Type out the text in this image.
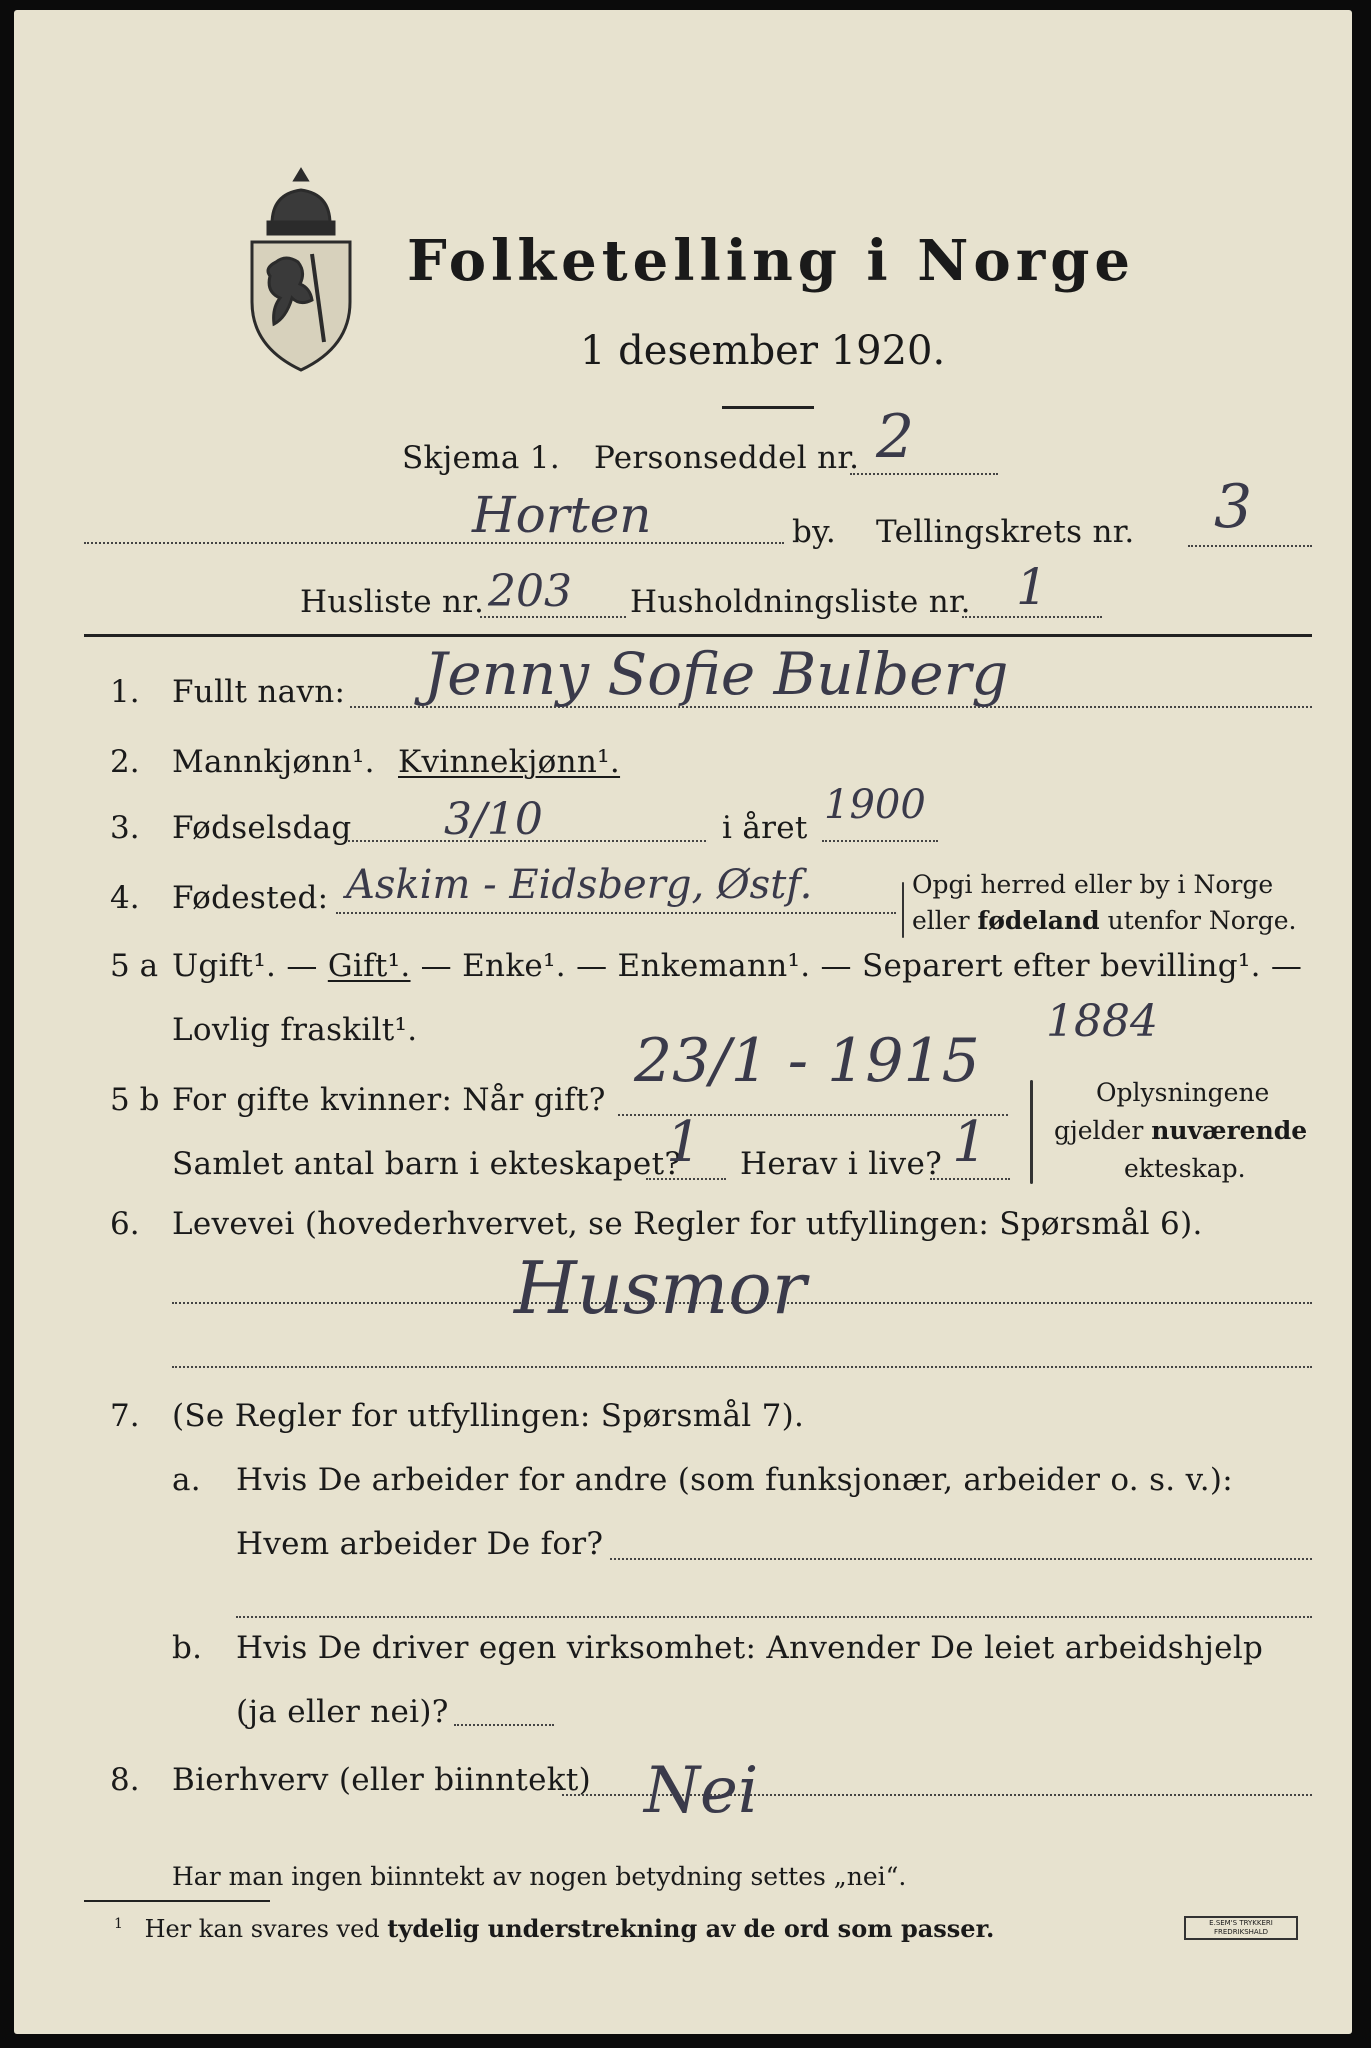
Folketelling i Norge
1 desember 1920.
Skjema 1. Personseddel nr. 2
Horten	by. Tellingskrets nr. 3
Husliste nr. 203 Husholdningsliste nr. 1
1. Fullt navn: Jenny Sofie Bulberg
2. Mannkjønn¹. Kvinnekjønn¹.
3. Fødselsdag 3/10	i året 1900
4. Fødested: Askim - Eidsberg, Østf.	Opgi herred eller by i Norge
eller fødeland utenfor Norge.
5 a Ugift¹. — Gift¹. — Enke¹. — Enkemann¹. — Separert efter bevilling¹. —
Lovlig fraskilt¹.	1884
5 b For gifte kvinner: Når gift?
23/1 - 1915
Samlet antal barn i ekteskapet?
1 Herav i live? 1
Oplysningene
gjelder nuværende
ekteskap.
6. Levevei (hovederhvervet, se Regler for utfyllingen: Spørsmål 6).
Husmor
7. (Se Regler for utfyllingen: Spørsmål 7).
a. Hvis De arbeider for andre (som funksjonær, arbeider o. s. v.):
Hvem arbeider De for?
b. Hvis De driver egen virksomhet: Anvender De leiet arbeidshjelp
(ja eller nei)?
8. Bierhverv (eller biinntekt) Nei
Har man ingen biinntekt av nogen betydning settes „nei“.
$^1$ Her kan svares ved tydelig understrekning av de ord som passer.	E.SEM'S TRYKKERI
FREDRIKSHALD
